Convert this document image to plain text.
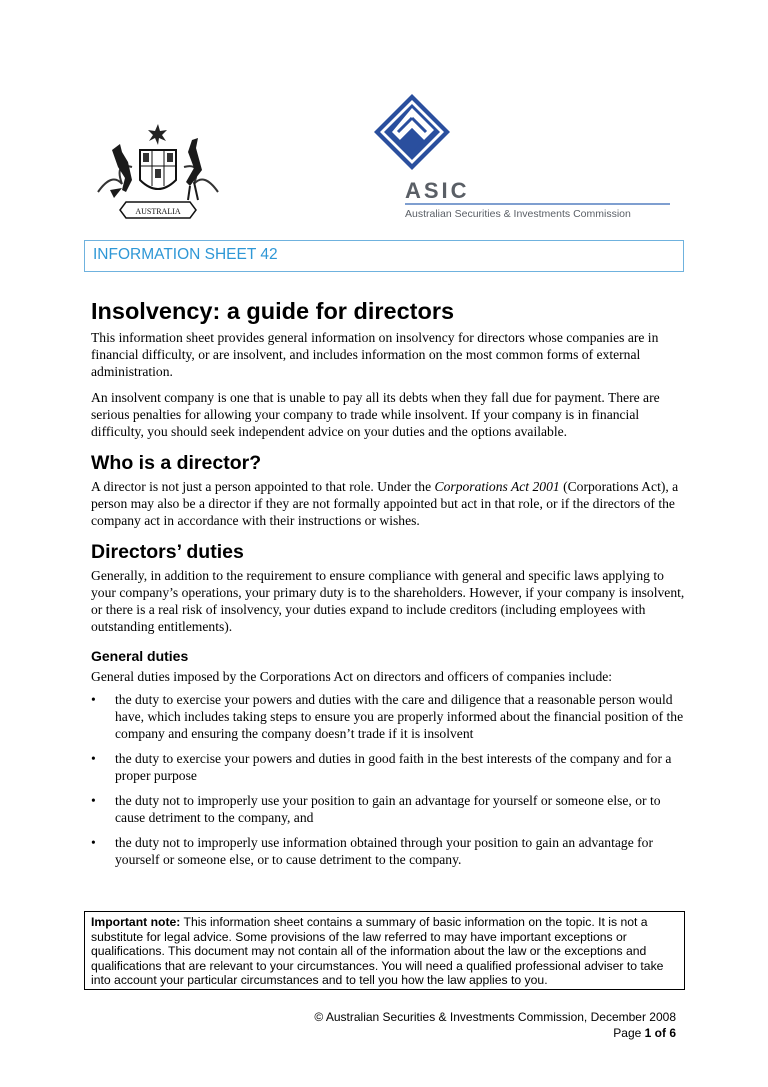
AUSTRALIA
ASIC
Australian Securities & Investments Commission
INFORMATION SHEET 42
Insolvency: a guide for directors

This information sheet provides general information on insolvency for directors whose companies are in financial difficulty, or are insolvent, and includes information on the most common forms of external administration.

An insolvent company is one that is unable to pay all its debts when they fall due for payment. There are serious penalties for allowing your company to trade while insolvent. If your company is in financial difficulty, you should seek independent advice on your duties and the options available.

Who is a director?

A director is not just a person appointed to that role. Under the Corporations Act 2001 (Corporations Act), a person may also be a director if they are not formally appointed but act in that role, or if the directors of the company act in accordance with their instructions or wishes.

Directors’ duties

Generally, in addition to the requirement to ensure compliance with general and specific laws applying to your company’s operations, your primary duty is to the shareholders. However, if your company is insolvent, or there is a real risk of insolvency, your duties expand to include creditors (including employees with outstanding entitlements).

General duties

General duties imposed by the Corporations Act on directors and officers of companies include:

• the duty to exercise your powers and duties with the care and diligence that a reasonable person would have, which includes taking steps to ensure you are properly informed about the financial position of the company and ensuring the company doesn’t trade if it is insolvent
• the duty to exercise your powers and duties in good faith in the best interests of the company and for a proper purpose
• the duty not to improperly use your position to gain an advantage for yourself or someone else, or to cause detriment to the company, and
• the duty not to improperly use information obtained through your position to gain an advantage for yourself or someone else, or to cause detriment to the company.
Important note: This information sheet contains a summary of basic information on the topic. It is not a substitute for legal advice. Some provisions of the law referred to may have important exceptions or qualifications. This document may not contain all of the information about the law or the exceptions and qualifications that are relevant to your circumstances. You will need a qualified professional adviser to take into account your particular circumstances and to tell you how the law applies to you.
© Australian Securities & Investments Commission, December 2008
Page 1 of 6
